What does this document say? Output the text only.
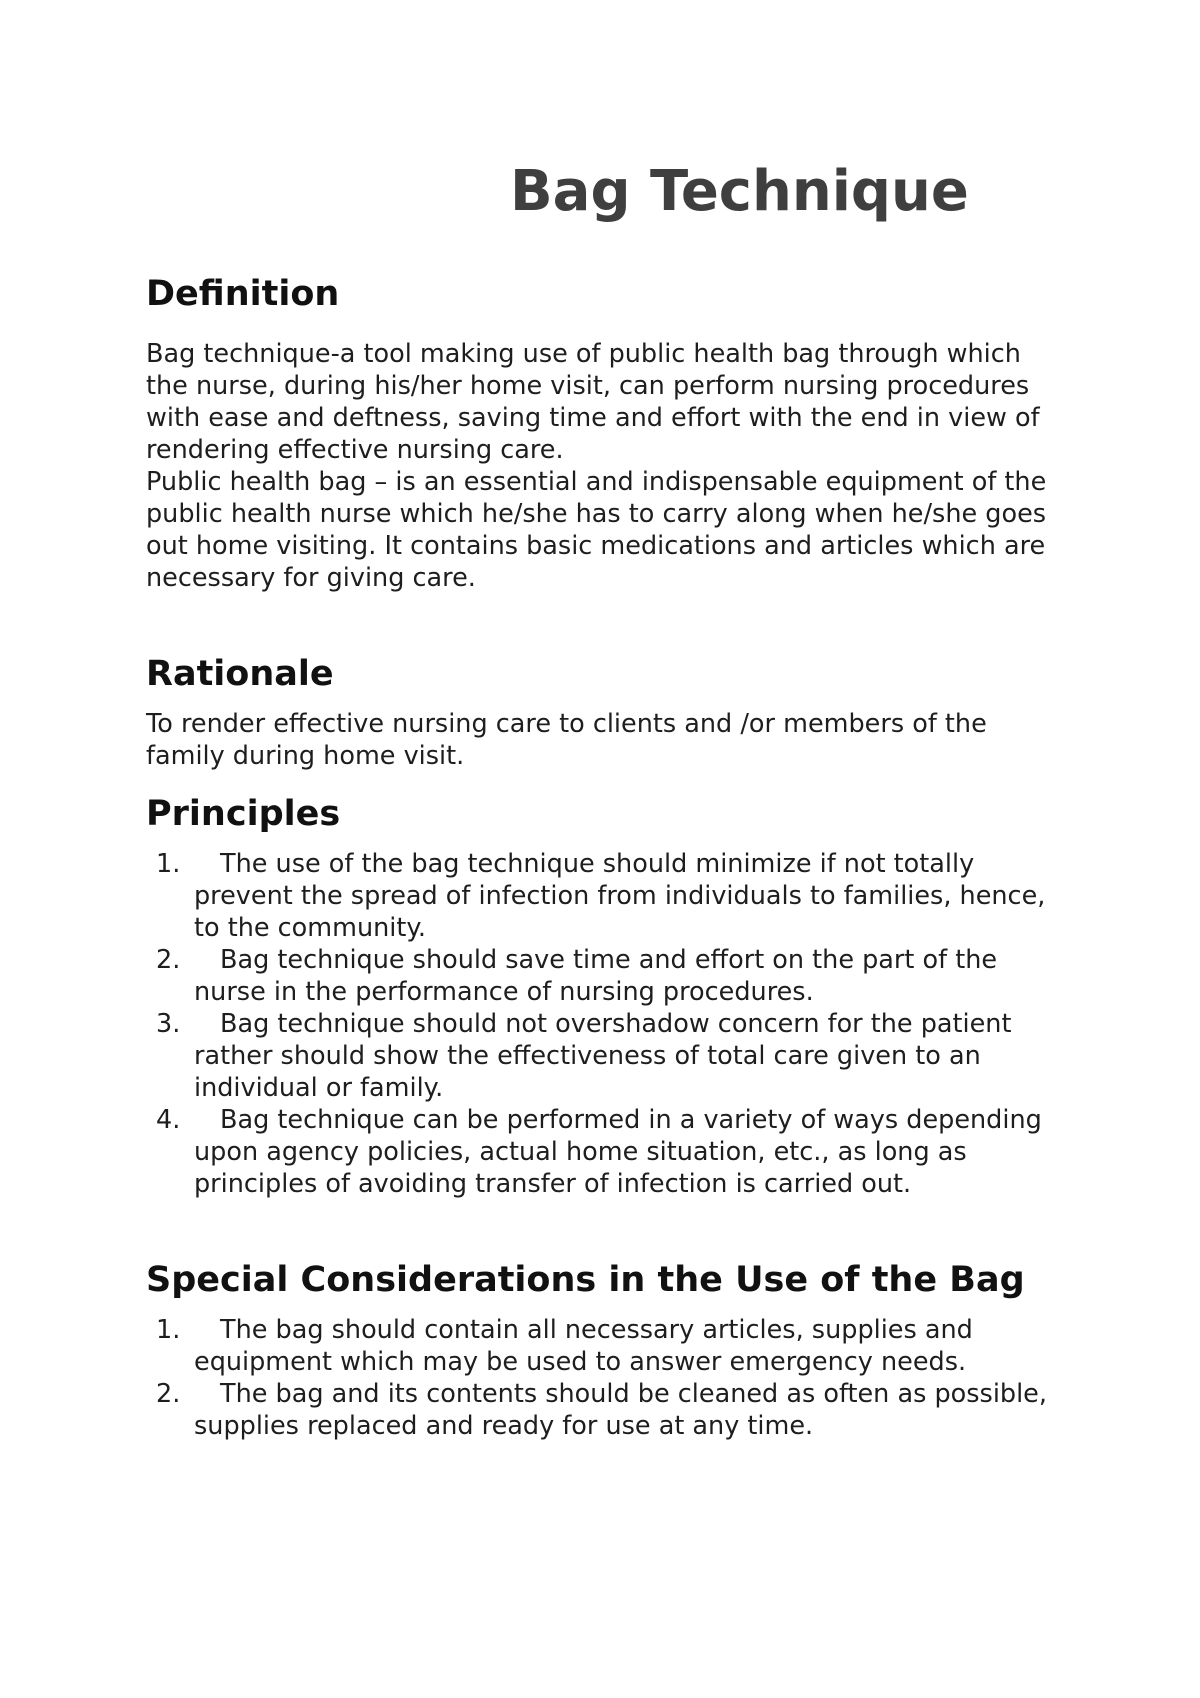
Bag Technique
Definition

Bag technique-a tool making use of public health bag through which the nurse, during his/her home visit, can perform nursing procedures with ease and deftness, saving time and effort with the end in view of rendering effective nursing care.

Public health bag – is an essential and indispensable equipment of the public health nurse which he/she has to carry along when he/she goes out home visiting. It contains basic medications and articles which are necessary for giving care.

Rationale

To render effective nursing care to clients and /or members of the family during home visit.

Principles
1. The use of the bag technique should minimize if not totally prevent the spread of infection from individuals to families, hence, to the community.
2. Bag technique should save time and effort on the part of the nurse in the performance of nursing procedures.
3. Bag technique should not overshadow concern for the patient rather should show the effectiveness of total care given to an individual or family.
4. Bag technique can be performed in a variety of ways depending upon agency policies, actual home situation, etc., as long as principles of avoiding transfer of infection is carried out.
Special Considerations in the Use of the Bag
1. The bag should contain all necessary articles, supplies and equipment which may be used to answer emergency needs.
2. The bag and its contents should be cleaned as often as possible, supplies replaced and ready for use at any time.
